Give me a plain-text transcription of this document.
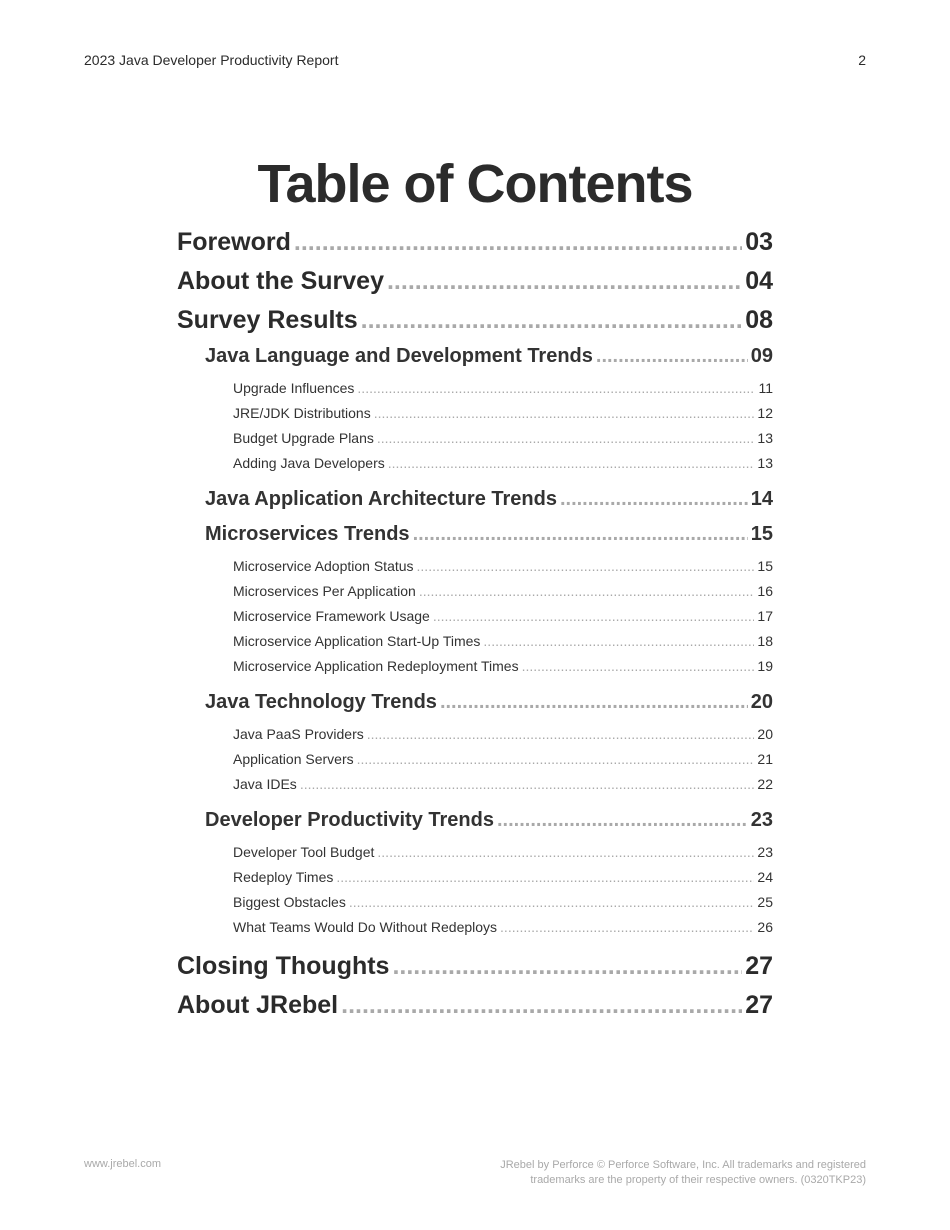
2023 Java Developer Productivity Report	2
Table of Contents
Foreword .....	03
About the Survey .....	04
Survey Results .....	08
Java Language and Development Trends .....	09
Upgrade Influences .....	11
JRE/JDK Distributions .....	12
Budget Upgrade Plans .....	13
Adding Java Developers .....	13
Java Application Architecture Trends .....	14
Microservices Trends .....	15
Microservice Adoption Status .....	15
Microservices Per Application .....	16
Microservice Framework Usage .....	17
Microservice Application Start-Up Times .....	18
Microservice Application Redeployment Times .....	19
Java Technology Trends .....	20
Java PaaS Providers .....	20
Application Servers .....	21
Java IDEs .....	22
Developer Productivity Trends .....	23
Developer Tool Budget .....	23
Redeploy Times .....	24
Biggest Obstacles .....	25
What Teams Would Do Without Redeploys .....	26
Closing Thoughts .....	27
About JRebel .....	27
www.jrebel.com	JRebel by Perforce © Perforce Software, Inc. All trademarks and registered
trademarks are the property of their respective owners. (0320TKP23)
